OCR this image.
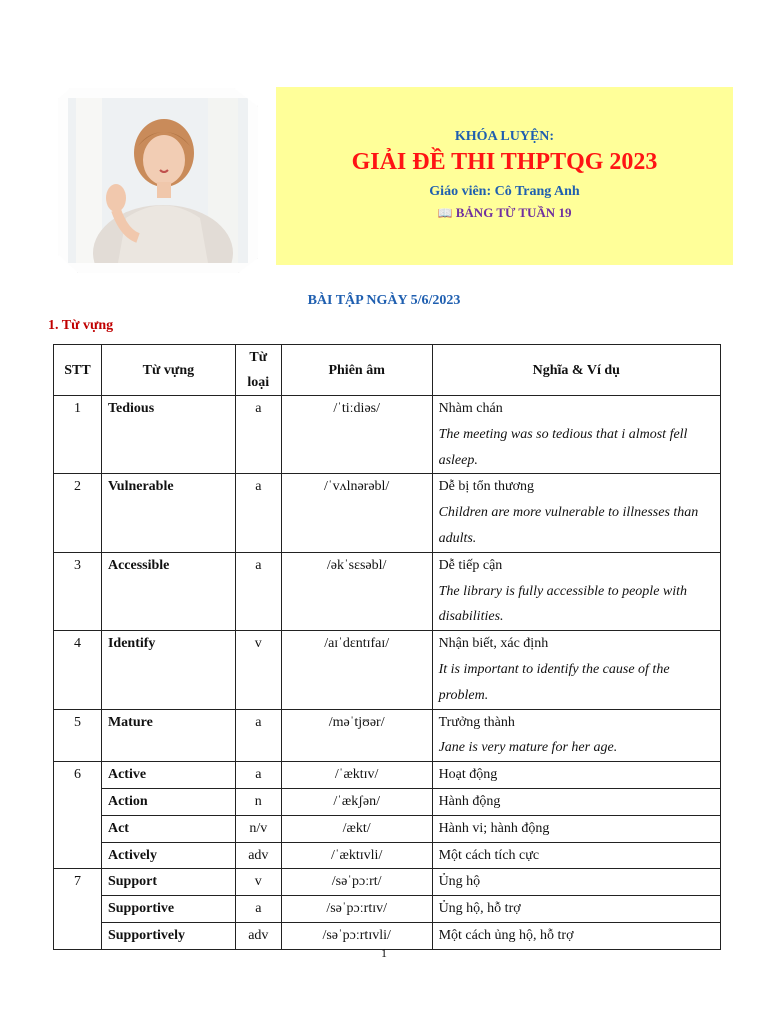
KHÓA LUYỆN:
GIẢI ĐỀ THI THPTQG 2023
Giáo viên: Cô Trang Anh
📖 BẢNG TỪ TUẦN 19
BÀI TẬP NGÀY 5/6/2023
1. Từ vựng
STT	Từ vựng	Từ loại	Phiên âm	Nghĩa & Ví dụ
1	Tedious	a	/ˈtiːdiəs/	Nhàm chán
The meeting was so tedious that i almost fell asleep.

2	Vulnerable	a	/ˈvʌlnərəbl/	Dễ bị tổn thương
Children are more vulnerable to illnesses than adults.

3	Accessible	a	/əkˈsɛsəbl/	Dễ tiếp cận
The library is fully accessible to people with disabilities.

4	Identify	v	/aɪˈdɛntɪfaɪ/	Nhận biết, xác định
It is important to identify the cause of the problem.

5	Mature	a	/məˈtjʊər/	Trưởng thành
Jane is very mature for her age.

6	Active	a	/ˈæktɪv/	Hoạt động
	Action	n	/ˈækʃən/	Hành động
	Act	n/v	/ækt/	Hành vi; hành động
	Actively	adv	/ˈæktɪvli/	Một cách tích cực
7	Support	v	/səˈpɔːrt/	Ủng hộ
	Supportive	a	/səˈpɔːrtɪv/	Ủng hộ, hỗ trợ
	Supportively	adv	/səˈpɔːrtɪvli/	Một cách ủng hộ, hỗ trợ
1
